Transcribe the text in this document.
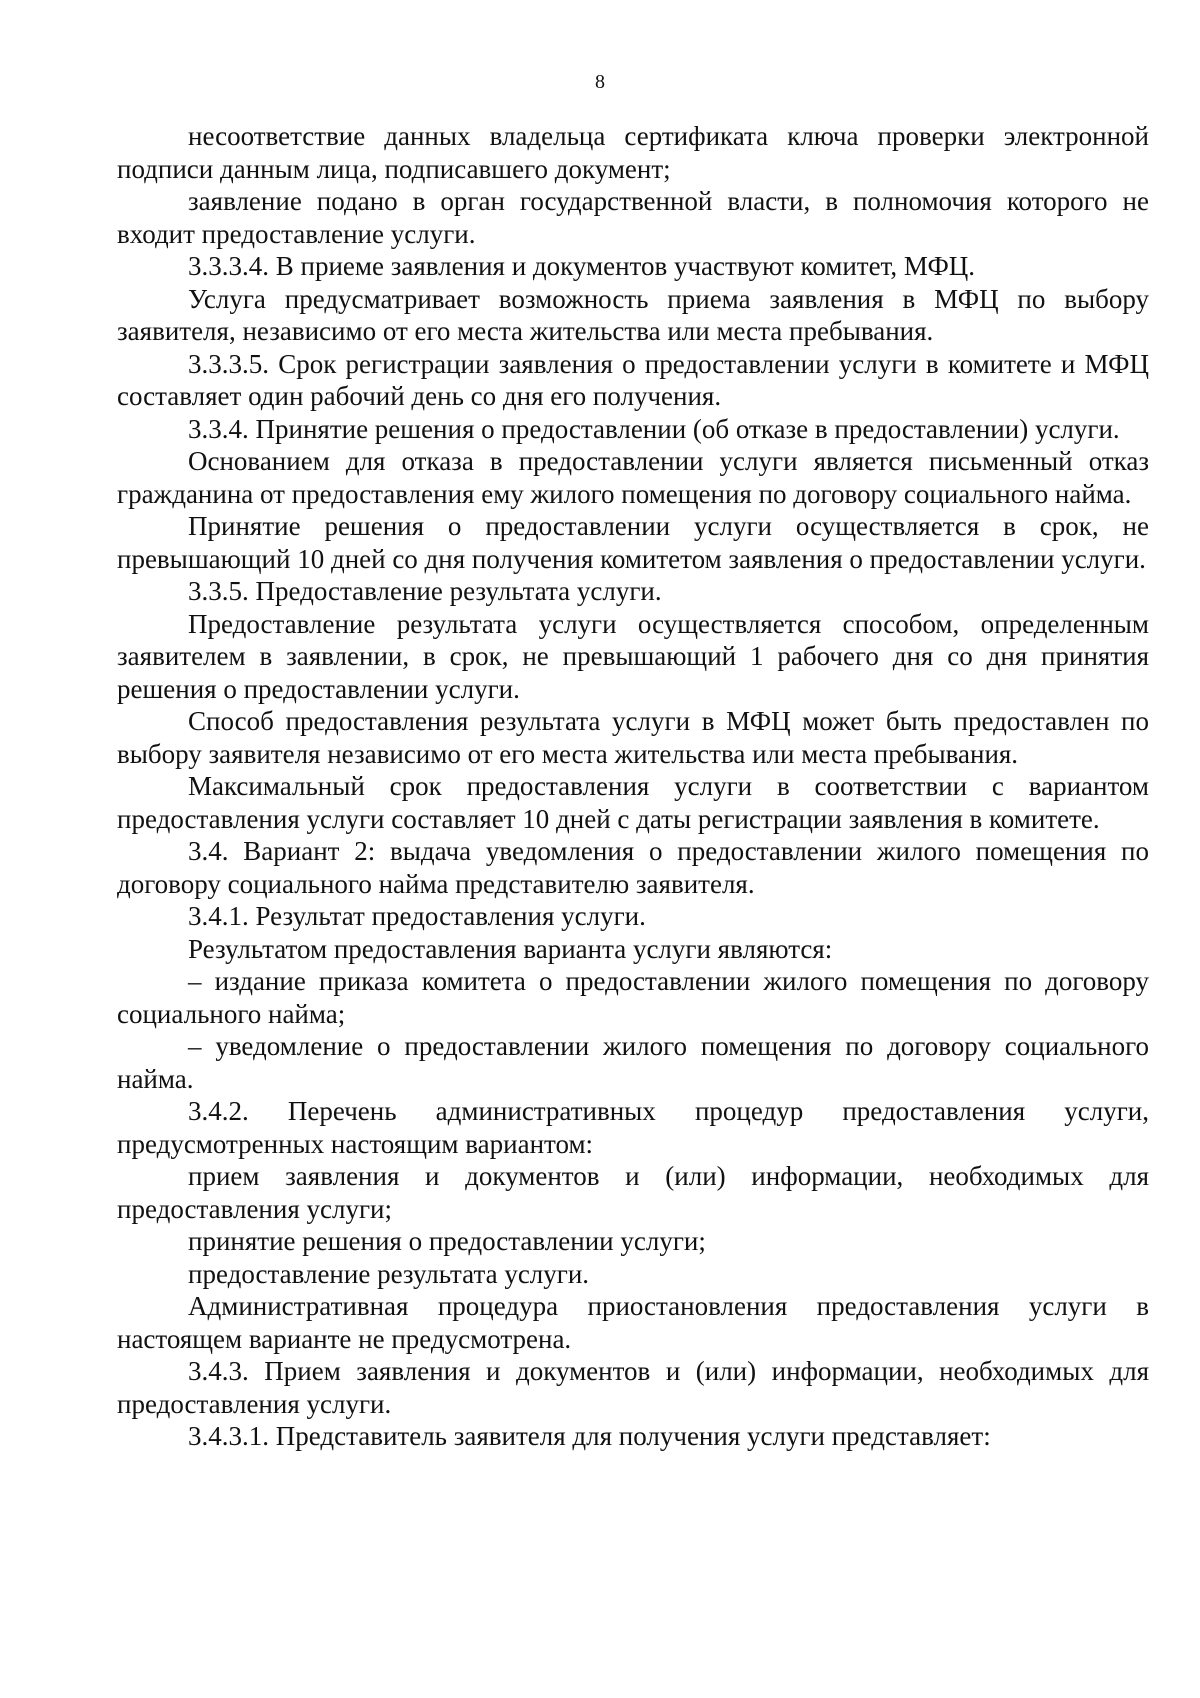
8

несоответствие данных владельца сертификата ключа проверки электронной подписи данным лица, подписавшего документ;

заявление подано в орган государственной власти, в полномочия которого не входит предоставление услуги.

3.3.3.4. В приеме заявления и документов участвуют комитет, МФЦ.

Услуга предусматривает возможность приема заявления в МФЦ по выбору заявителя, независимо от его места жительства или места пребывания.

3.3.3.5. Срок регистрации заявления о предоставлении услуги в комитете и МФЦ составляет один рабочий день со дня его получения.

3.3.4. Принятие решения о предоставлении (об отказе в предоставлении) услуги.

Основанием для отказа в предоставлении услуги является письменный отказ гражданина от предоставления ему жилого помещения по договору социального найма.

Принятие решения о предоставлении услуги осуществляется в срок, не превышающий 10 дней со дня получения комитетом заявления о предоставлении услуги.

3.3.5. Предоставление результата услуги.

Предоставление результата услуги осуществляется способом, определенным заявителем в заявлении, в срок, не превышающий 1 рабочего дня со дня принятия решения о предоставлении услуги.

Способ предоставления результата услуги в МФЦ может быть предоставлен по выбору заявителя независимо от его места жительства или места пребывания.

Максимальный срок предоставления услуги в соответствии с вариантом предоставления услуги составляет 10 дней с даты регистрации заявления в комитете.

3.4. Вариант 2: выдача уведомления о предоставлении жилого помещения по договору социального найма представителю заявителя.

3.4.1. Результат предоставления услуги.

Результатом предоставления варианта услуги являются:

– издание приказа комитета о предоставлении жилого помещения по договору социального найма;

– уведомление о предоставлении жилого помещения по договору социального найма.

3.4.2. Перечень административных процедур предоставления услуги, предусмотренных настоящим вариантом:

прием заявления и документов и (или) информации, необходимых для предоставления услуги;

принятие решения о предоставлении услуги;

предоставление результата услуги.

Административная процедура приостановления предоставления услуги в настоящем варианте не предусмотрена.

3.4.3. Прием заявления и документов и (или) информации, необходимых для предоставления услуги.

3.4.3.1. Представитель заявителя для получения услуги представляет:
